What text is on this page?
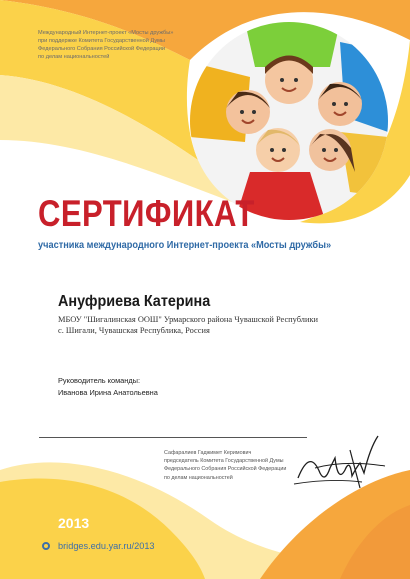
Международный Интернет-проект «Мосты дружбы»
при поддержке Комитета Государственной Думы
Федерального Собрания Российской Федерации
по делам национальностей
СЕРТИФИКАТ
участника международного Интернет-проекта «Мосты дружбы»
Ануфриева Катерина
МБОУ "Шигалинская ООШ" Урмарского района Чувашской Республики
с. Шигали, Чувашская Республика, Россия
Руководитель команды:
Иванова Ирина Анатольевна
Сафаралиев Гаджимет Керимович
председатель Комитета Государственной Думы
Федерального Собрания Российской Федерации
по делам национальностей
2013
bridges.edu.yar.ru/2013
